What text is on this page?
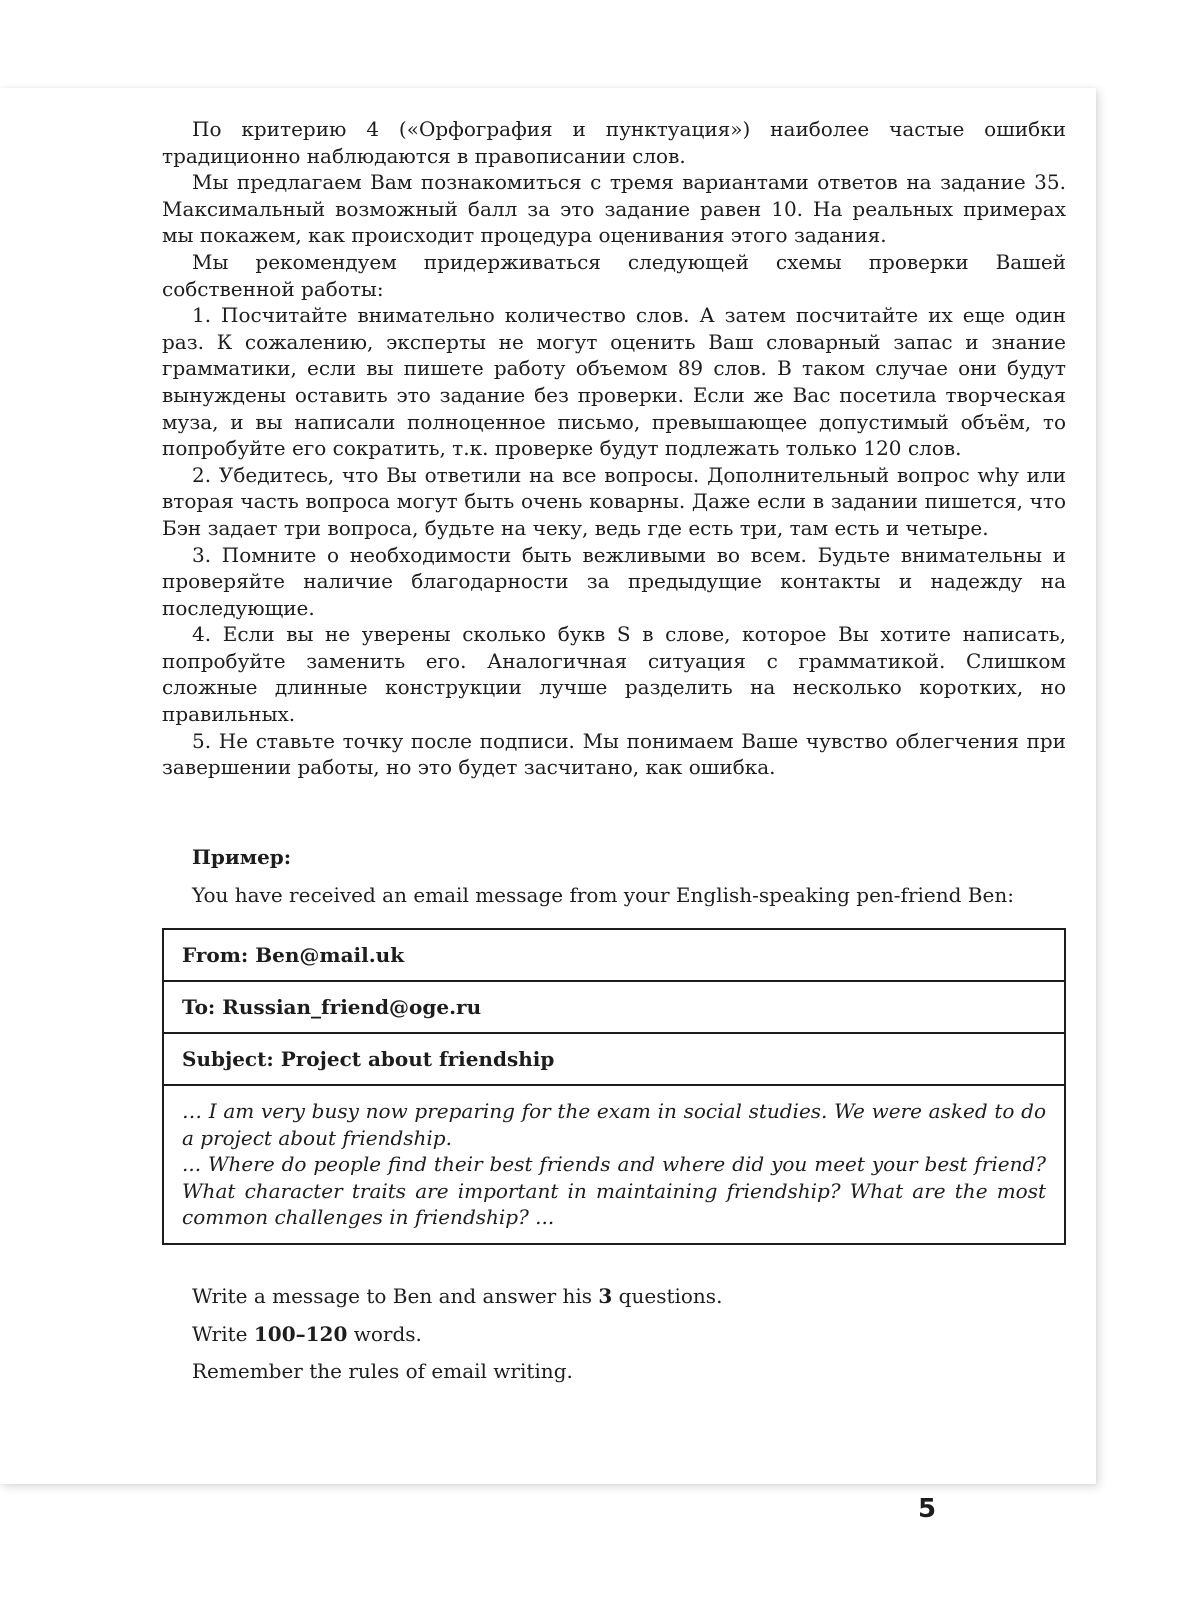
По критерию 4 («Орфография и пунктуация») наиболее частые ошибки традиционно наблюдаются в правописании слов.

Мы предлагаем Вам познакомиться с тремя вариантами ответов на задание 35. Максимальный возможный балл за это задание равен 10. На реальных примерах мы покажем, как происходит процедура оценивания этого задания.

Мы рекомендуем придерживаться следующей схемы проверки Вашей собственной работы:

1. Посчитайте внимательно количество слов. А затем посчитайте их еще один раз. К сожалению, эксперты не могут оценить Ваш словарный запас и знание грамматики, если вы пишете работу объемом 89 слов. В таком случае они будут вынуждены оставить это задание без проверки. Если же Вас посетила творческая муза, и вы написали полноценное письмо, превышающее допустимый объём, то попробуйте его сократить, т.к. проверке будут подлежать только 120 слов.

2. Убедитесь, что Вы ответили на все вопросы. Дополнительный вопрос why или вторая часть вопроса могут быть очень коварны. Даже если в задании пишется, что Бэн задает три вопроса, будьте на чеку, ведь где есть три, там есть и четыре.

3. Помните о необходимости быть вежливыми во всем. Будьте внимательны и проверяйте наличие благодарности за предыдущие контакты и надежду на последующие.

4. Если вы не уверены сколько букв S в слове, которое Вы хотите написать, попробуйте заменить его. Аналогичная ситуация с грамматикой. Слишком сложные длинные конструкции лучше разделить на несколько коротких, но правильных.

5. Не ставьте точку после подписи. Мы понимаем Ваше чувство облегчения при завершении работы, но это будет засчитано, как ошибка.

Пример:

You have received an email message from your English-speaking pen-friend Ben:

From: Ben@mail.uk
To: Russian_friend@oge.ru
Subject: Project about friendship

… I am very busy now preparing for the exam in social studies. We were asked to do a project about friendship.

... Where do people find their best friends and where did you meet your best friend? What character traits are important in maintaining friendship? What are the most common challenges in friendship? ...

Write a message to Ben and answer his 3 questions.

Write 100–120 words.

Remember the rules of email writing.

5
